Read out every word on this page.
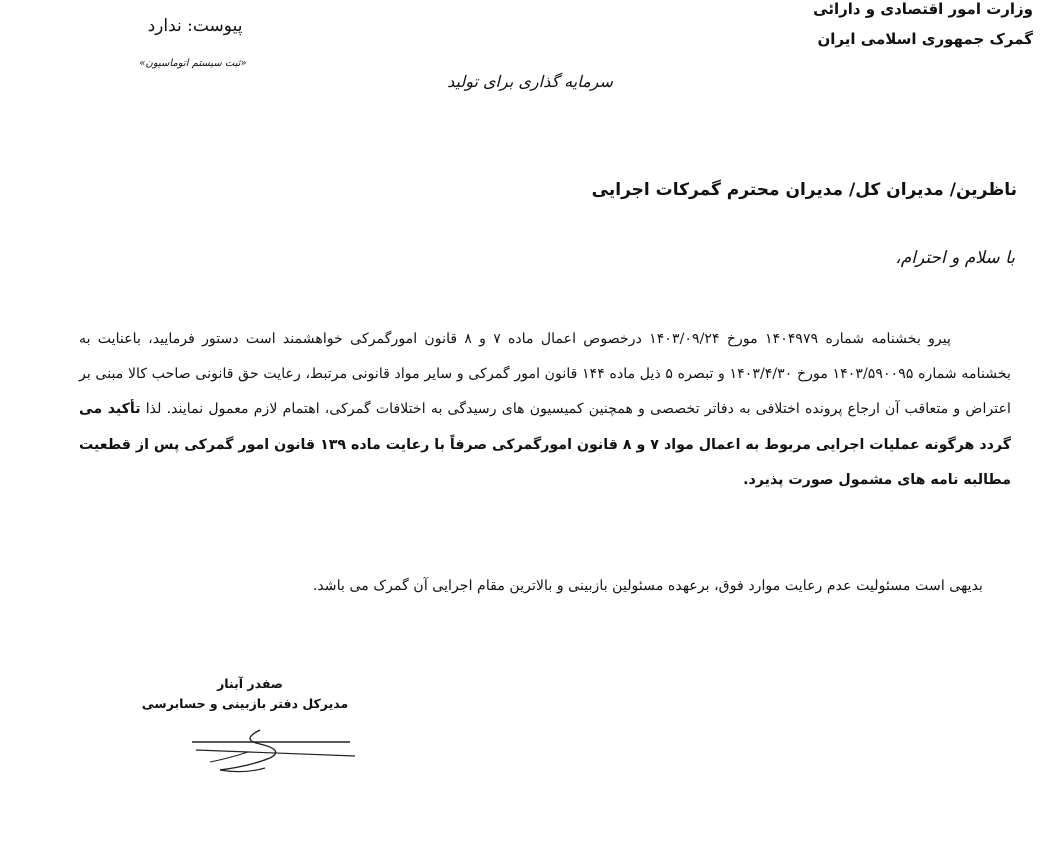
وزارت امور اقتصادی و دارائی
گمرک جمهوری اسلامی ایران
پیوست: ندارد
«ثبت سیستم اتوماسیون»
سرمایه گذاری برای تولید
ناظرین/ مدیران کل/ مدیران محترم گمرکات اجرایی
با سلام و احترام،

پیرو بخشنامه شماره ۱۴۰۴۹۷۹ مورخ ۱۴۰۳/۰۹/۲۴ درخصوص اعمال ماده ۷ و ۸ قانون امورگمرکی خواهشمند است دستور فرمایید، باعنایت به بخشنامه شماره ۱۴۰۳/۵۹۰۰۹۵ مورخ ۱۴۰۳/۴/۳۰ و تبصره ۵ ذیل ماده ۱۴۴ قانون امور گمرکی و سایر مواد قانونی مرتبط، رعایت حق قانونی صاحب کالا مبنی بر اعتراض و متعاقب آن ارجاع پرونده اختلافی به دفاتر تخصصی و همچنین کمیسیون های رسیدگی به اختلافات گمرکی، اهتمام لازم معمول نمایند. لذا تأکید می گردد هرگونه عملیات اجرایی مربوط به اعمال مواد ۷ و ۸ قانون امورگمرکی صرفاً با رعایت ماده ۱۳۹ قانون امور گمرکی پس از قطعیت مطالبه نامه های مشمول صورت پذیرد.

بدیهی است مسئولیت عدم رعایت موارد فوق، برعهده مسئولین بازبینی و بالاترین مقام اجرایی آن گمرک می باشد.
صفدر آبنار
مدیرکل دفتر بازبینی و حسابرسی
